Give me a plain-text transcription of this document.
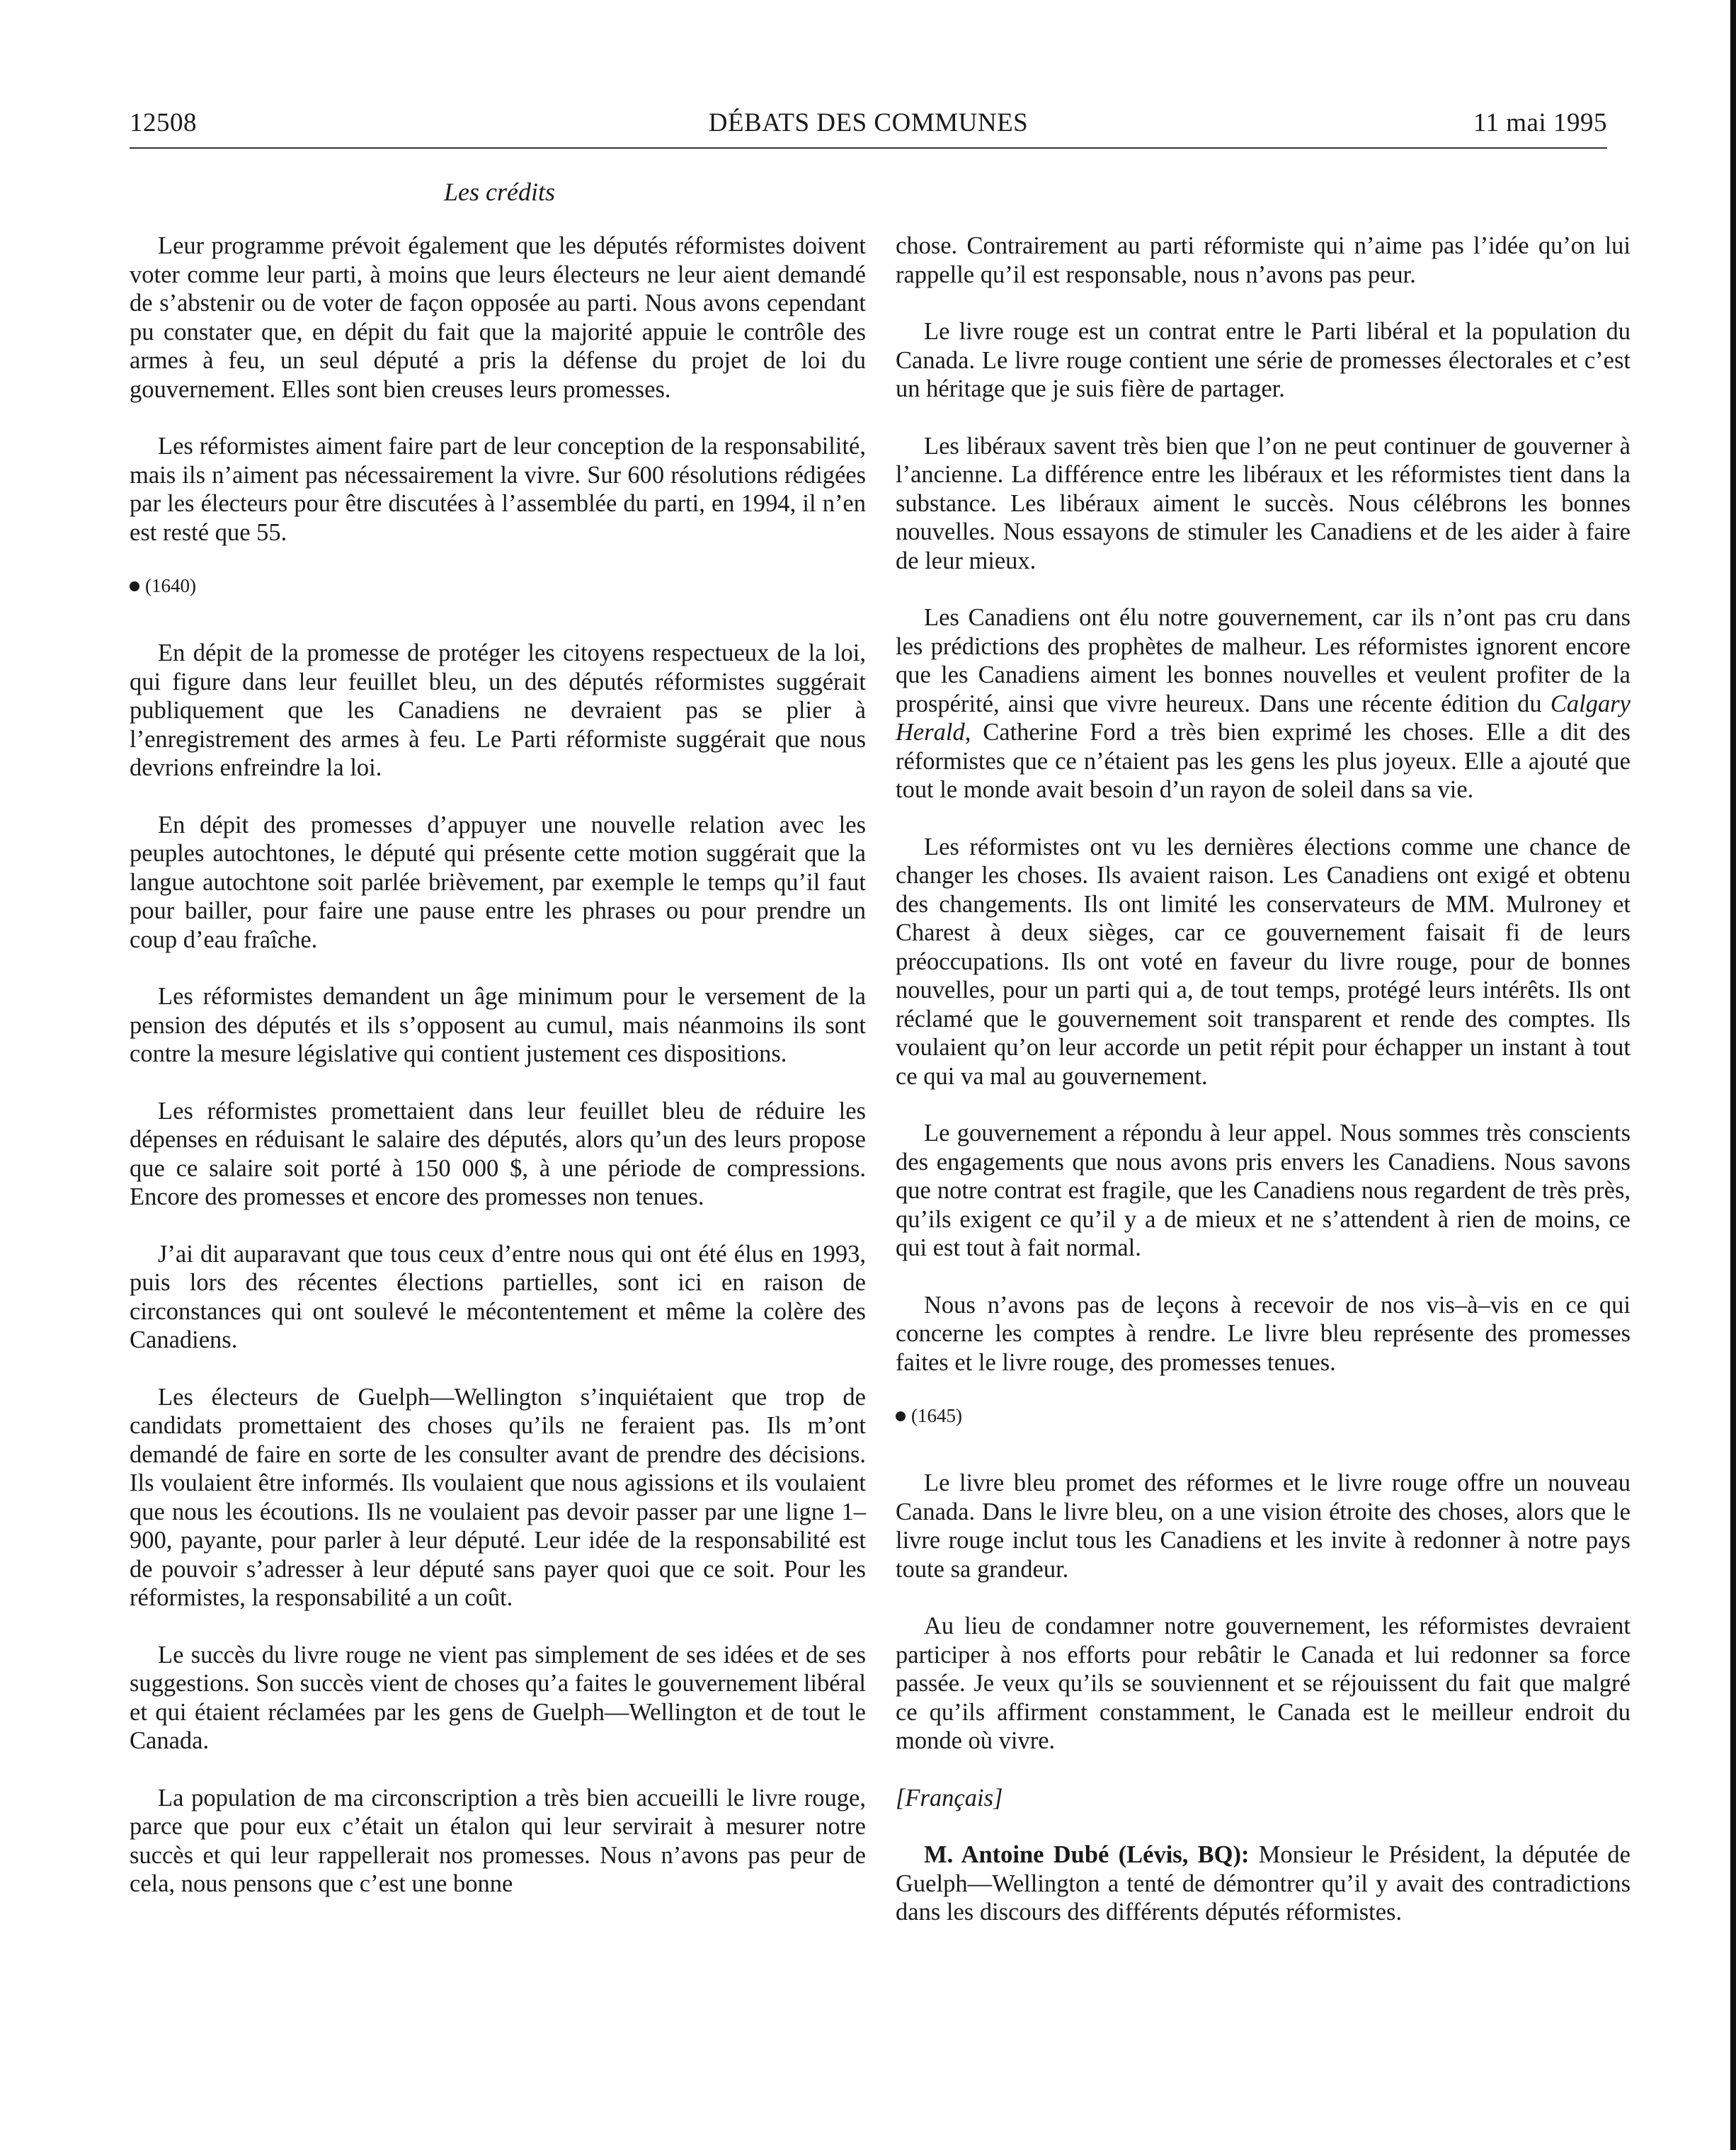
12508	DÉBATS DES COMMUNES	11 mai 1995
Les crédits

Leur programme prévoit également que les députés réformistes doivent voter comme leur parti, à moins que leurs électeurs ne leur aient demandé de s’abstenir ou de voter de façon opposée au parti. Nous avons cependant pu constater que, en dépit du fait que la majorité appuie le contrôle des armes à feu, un seul député a pris la défense du projet de loi du gouvernement. Elles sont bien creuses leurs promesses.

Les réformistes aiment faire part de leur conception de la responsabilité, mais ils n’aiment pas nécessairement la vivre. Sur 600 résolutions rédigées par les électeurs pour être discutées à l’assemblée du parti, en 1994, il n’en est resté que 55.

(1640)

En dépit de la promesse de protéger les citoyens respectueux de la loi, qui figure dans leur feuillet bleu, un des députés réformistes suggérait publiquement que les Canadiens ne devraient pas se plier à l’enregistrement des armes à feu. Le Parti réformiste suggérait que nous devrions enfreindre la loi.

En dépit des promesses d’appuyer une nouvelle relation avec les peuples autochtones, le député qui présente cette motion suggérait que la langue autochtone soit parlée brièvement, par exemple le temps qu’il faut pour bailler, pour faire une pause entre les phrases ou pour prendre un coup d’eau fraîche.

Les réformistes demandent un âge minimum pour le versement de la pension des députés et ils s’opposent au cumul, mais néanmoins ils sont contre la mesure législative qui contient justement ces dispositions.

Les réformistes promettaient dans leur feuillet bleu de réduire les dépenses en réduisant le salaire des députés, alors qu’un des leurs propose que ce salaire soit porté à 150 000 $, à une période de compressions. Encore des promesses et encore des promesses non tenues.

J’ai dit auparavant que tous ceux d’entre nous qui ont été élus en 1993, puis lors des récentes élections partielles, sont ici en raison de circonstances qui ont soulevé le mécontentement et même la colère des Canadiens.

Les électeurs de Guelph—Wellington s’inquiétaient que trop de candidats promettaient des choses qu’ils ne feraient pas. Ils m’ont demandé de faire en sorte de les consulter avant de prendre des décisions. Ils voulaient être informés. Ils voulaient que nous agissions et ils voulaient que nous les écoutions. Ils ne voulaient pas devoir passer par une ligne 1–900, payante, pour parler à leur député. Leur idée de la responsabilité est de pouvoir s’adresser à leur député sans payer quoi que ce soit. Pour les réformistes, la responsabilité a un coût.

Le succès du livre rouge ne vient pas simplement de ses idées et de ses suggestions. Son succès vient de choses qu’a faites le gouvernement libéral et qui étaient réclamées par les gens de Guelph—Wellington et de tout le Canada.

La population de ma circonscription a très bien accueilli le livre rouge, parce que pour eux c’était un étalon qui leur servirait à mesurer notre succès et qui leur rappellerait nos promesses. Nous n’avons pas peur de cela, nous pensons que c’est une bonne

chose. Contrairement au parti réformiste qui n’aime pas l’idée qu’on lui rappelle qu’il est responsable, nous n’avons pas peur.

Le livre rouge est un contrat entre le Parti libéral et la population du Canada. Le livre rouge contient une série de promesses électorales et c’est un héritage que je suis fière de partager.

Les libéraux savent très bien que l’on ne peut continuer de gouverner à l’ancienne. La différence entre les libéraux et les réformistes tient dans la substance. Les libéraux aiment le succès. Nous célébrons les bonnes nouvelles. Nous essayons de stimuler les Canadiens et de les aider à faire de leur mieux.

Les Canadiens ont élu notre gouvernement, car ils n’ont pas cru dans les prédictions des prophètes de malheur. Les réformistes ignorent encore que les Canadiens aiment les bonnes nouvelles et veulent profiter de la prospérité, ainsi que vivre heureux. Dans une récente édition du Calgary Herald, Catherine Ford a très bien exprimé les choses. Elle a dit des réformistes que ce n’étaient pas les gens les plus joyeux. Elle a ajouté que tout le monde avait besoin d’un rayon de soleil dans sa vie.

Les réformistes ont vu les dernières élections comme une chance de changer les choses. Ils avaient raison. Les Canadiens ont exigé et obtenu des changements. Ils ont limité les conservateurs de MM. Mulroney et Charest à deux sièges, car ce gouvernement faisait fi de leurs préoccupations. Ils ont voté en faveur du livre rouge, pour de bonnes nouvelles, pour un parti qui a, de tout temps, protégé leurs intérêts. Ils ont réclamé que le gouvernement soit transparent et rende des comptes. Ils voulaient qu’on leur accorde un petit répit pour échapper un instant à tout ce qui va mal au gouvernement.

Le gouvernement a répondu à leur appel. Nous sommes très conscients des engagements que nous avons pris envers les Canadiens. Nous savons que notre contrat est fragile, que les Canadiens nous regardent de très près, qu’ils exigent ce qu’il y a de mieux et ne s’attendent à rien de moins, ce qui est tout à fait normal.

Nous n’avons pas de leçons à recevoir de nos vis–à–vis en ce qui concerne les comptes à rendre. Le livre bleu représente des promesses faites et le livre rouge, des promesses tenues.

(1645)

Le livre bleu promet des réformes et le livre rouge offre un nouveau Canada. Dans le livre bleu, on a une vision étroite des choses, alors que le livre rouge inclut tous les Canadiens et les invite à redonner à notre pays toute sa grandeur.

Au lieu de condamner notre gouvernement, les réformistes devraient participer à nos efforts pour rebâtir le Canada et lui redonner sa force passée. Je veux qu’ils se souviennent et se réjouissent du fait que malgré ce qu’ils affirment constamment, le Canada est le meilleur endroit du monde où vivre.

[Français]

M. Antoine Dubé (Lévis, BQ): Monsieur le Président, la députée de Guelph—Wellington a tenté de démontrer qu’il y avait des contradictions dans les discours des différents députés réformistes.
